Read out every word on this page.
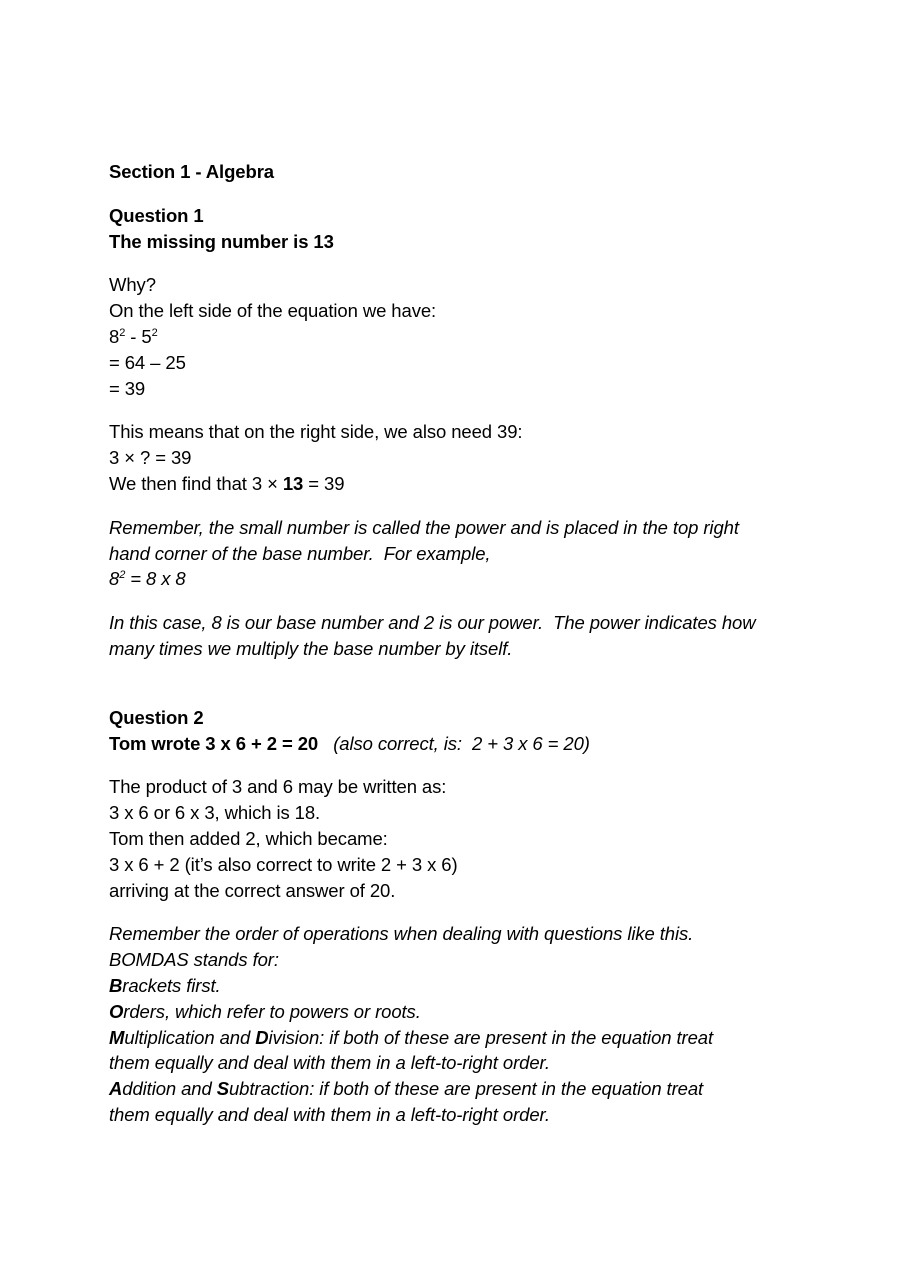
Section 1 - Algebra
Question 1
The missing number is 13
Why?
On the left side of the equation we have:
$8^2 - 5^2$
= 64 – 25
= 39
This means that on the right side, we also need 39:
3 × ? = 39
We then find that 3 × 13 = 39
Remember, the small number is called the power and is placed in the top right
hand corner of the base number.  For example,
$8^2 = 8$ x 8
In this case, 8 is our base number and 2 is our power.  The power indicates how
many times we multiply the base number by itself.
Question 2
Tom wrote 3 x 6 + 2 = 20   (also correct, is:  2 + 3 x 6 = 20)
The product of 3 and 6 may be written as:
3 x 6 or 6 x 3, which is 18.
Tom then added 2, which became:
3 x 6 + 2 (it’s also correct to write 2 + 3 x 6)
arriving at the correct answer of 20.
Remember the order of operations when dealing with questions like this.
BOMDAS stands for:
Brackets first.
Orders, which refer to powers or roots.
Multiplication and Division: if both of these are present in the equation treat
them equally and deal with them in a left-to-right order.
Addition and Subtraction: if both of these are present in the equation treat
them equally and deal with them in a left-to-right order.
